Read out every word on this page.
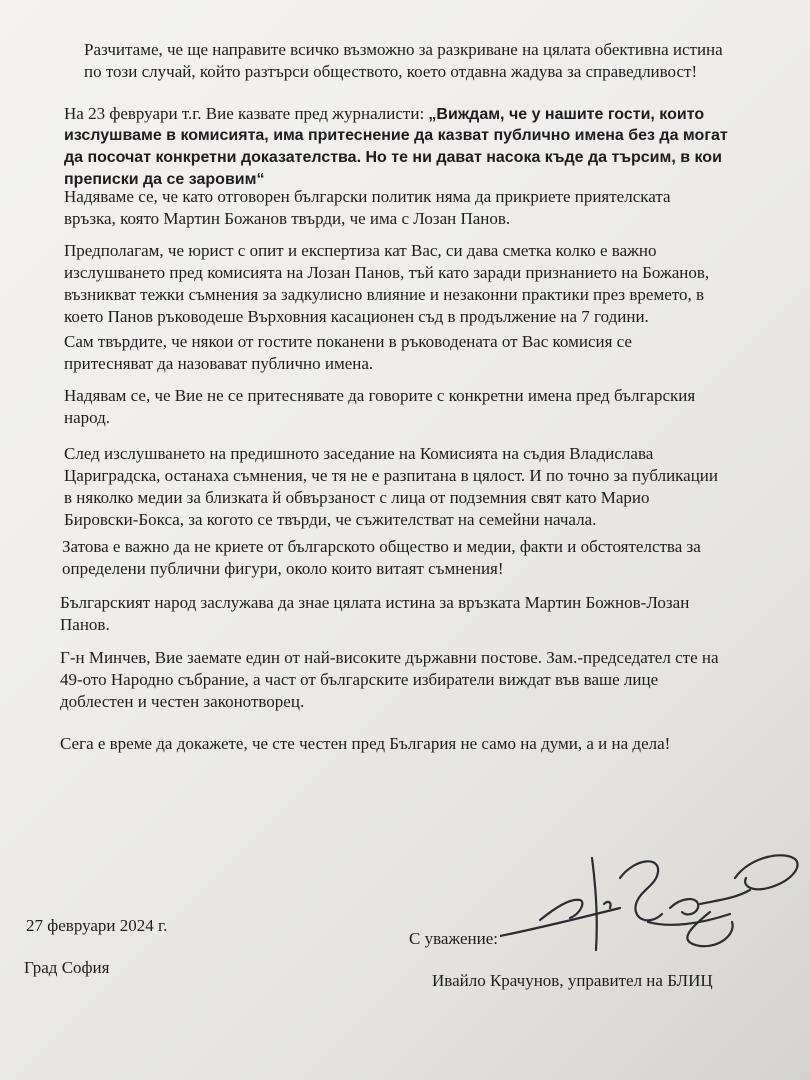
Разчитаме, че ще направите всичко възможно за разкриване на цялата обективна истина
по този случай, който разтърси обществото, което отдавна жадува за справедливост!

На 23 февруари т.г. Вие казвате пред журналисти: „Виждам, че у нашите гости, които

изслушваме в комисията, има притеснение да казват публично имена без да могат
да посочат конкретни доказателства. Но те ни дават насока къде да търсим, в кои
преписки да се заровим“

Надяваме се, че като отговорен български политик няма да прикриете приятелската
връзка, която Мартин Божанов твърди, че има с Лозан Панов.

Предполагам, че юрист с опит и експертиза кат Вас, си дава сметка колко е важно
изслушването пред комисията на Лозан Панов, тъй като заради признанието на Божанов,
възникват тежки съмнения за задкулисно влияние и незаконни практики през времето, в
което Панов ръководеше Върховния касационен съд в продължение на 7 години.

Сам твърдите, че някои от гостите поканени в ръководената от Вас комисия се
притесняват да назовават публично имена.

Надявам се, че Вие не се притеснявате да говорите с конкретни имена пред българския
народ.

След изслушването на предишното заседание на Комисията на съдия Владислава
Цариградска, останаха съмнения, че тя не е разпитана в цялост. И по точно за публикации
в няколко медии за близката й обвързаност с лица от подземния свят като Марио
Бировски-Бокса, за когото се твърди, че съжителстват на семейни начала.

Затова е важно да не криете от българското общество и медии, факти и обстоятелства за
определени публични фигури, около които витаят съмнения!

Българският народ заслужава да знае цялата истина за връзката Мартин Божнов-Лозан
Панов.

Г-н Минчев, Вие заемате един от най-високите държавни постове. Зам.-председател сте на
49-ото Народно събрание, а част от българските избиратели виждат във ваше лице
доблестен и честен законотворец.

Сега е време да докажете, че сте честен пред България не само на думи, а и на дела!

27 февруари 2024 г.

Град София

С уважение:

Ивайло Крачунов, управител на БЛИЦ
